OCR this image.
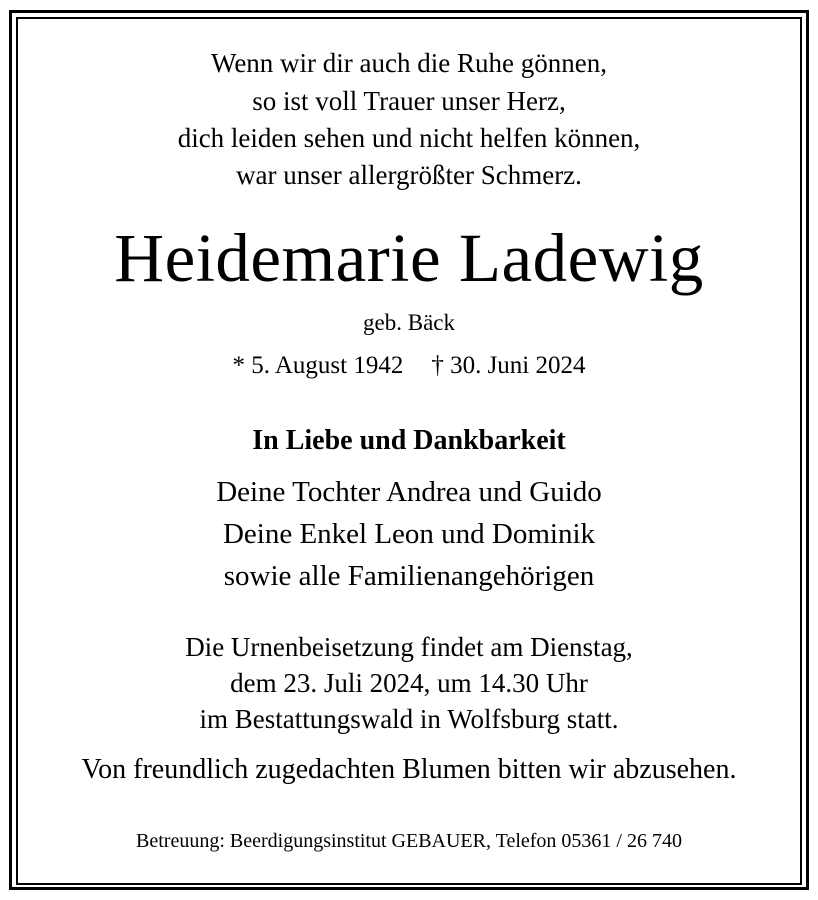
Wenn wir dir auch die Ruhe gönnen,

so ist voll Trauer unser Herz,

dich leiden sehen und nicht helfen können,

war unser allergrößter Schmerz.

Heidemarie Ladewig

geb. Bäck

* 5. August 1942 † 30. Juni 2024

In Liebe und Dankbarkeit

Deine Tochter Andrea und Guido

Deine Enkel Leon und Dominik

sowie alle Familienangehörigen

Die Urnenbeisetzung findet am Dienstag,

dem 23. Juli 2024, um 14.30 Uhr

im Bestattungswald in Wolfsburg statt.

Von freundlich zugedachten Blumen bitten wir abzusehen.

Betreuung: Beerdigungsinstitut GEBAUER, Telefon 05361 / 26 740
